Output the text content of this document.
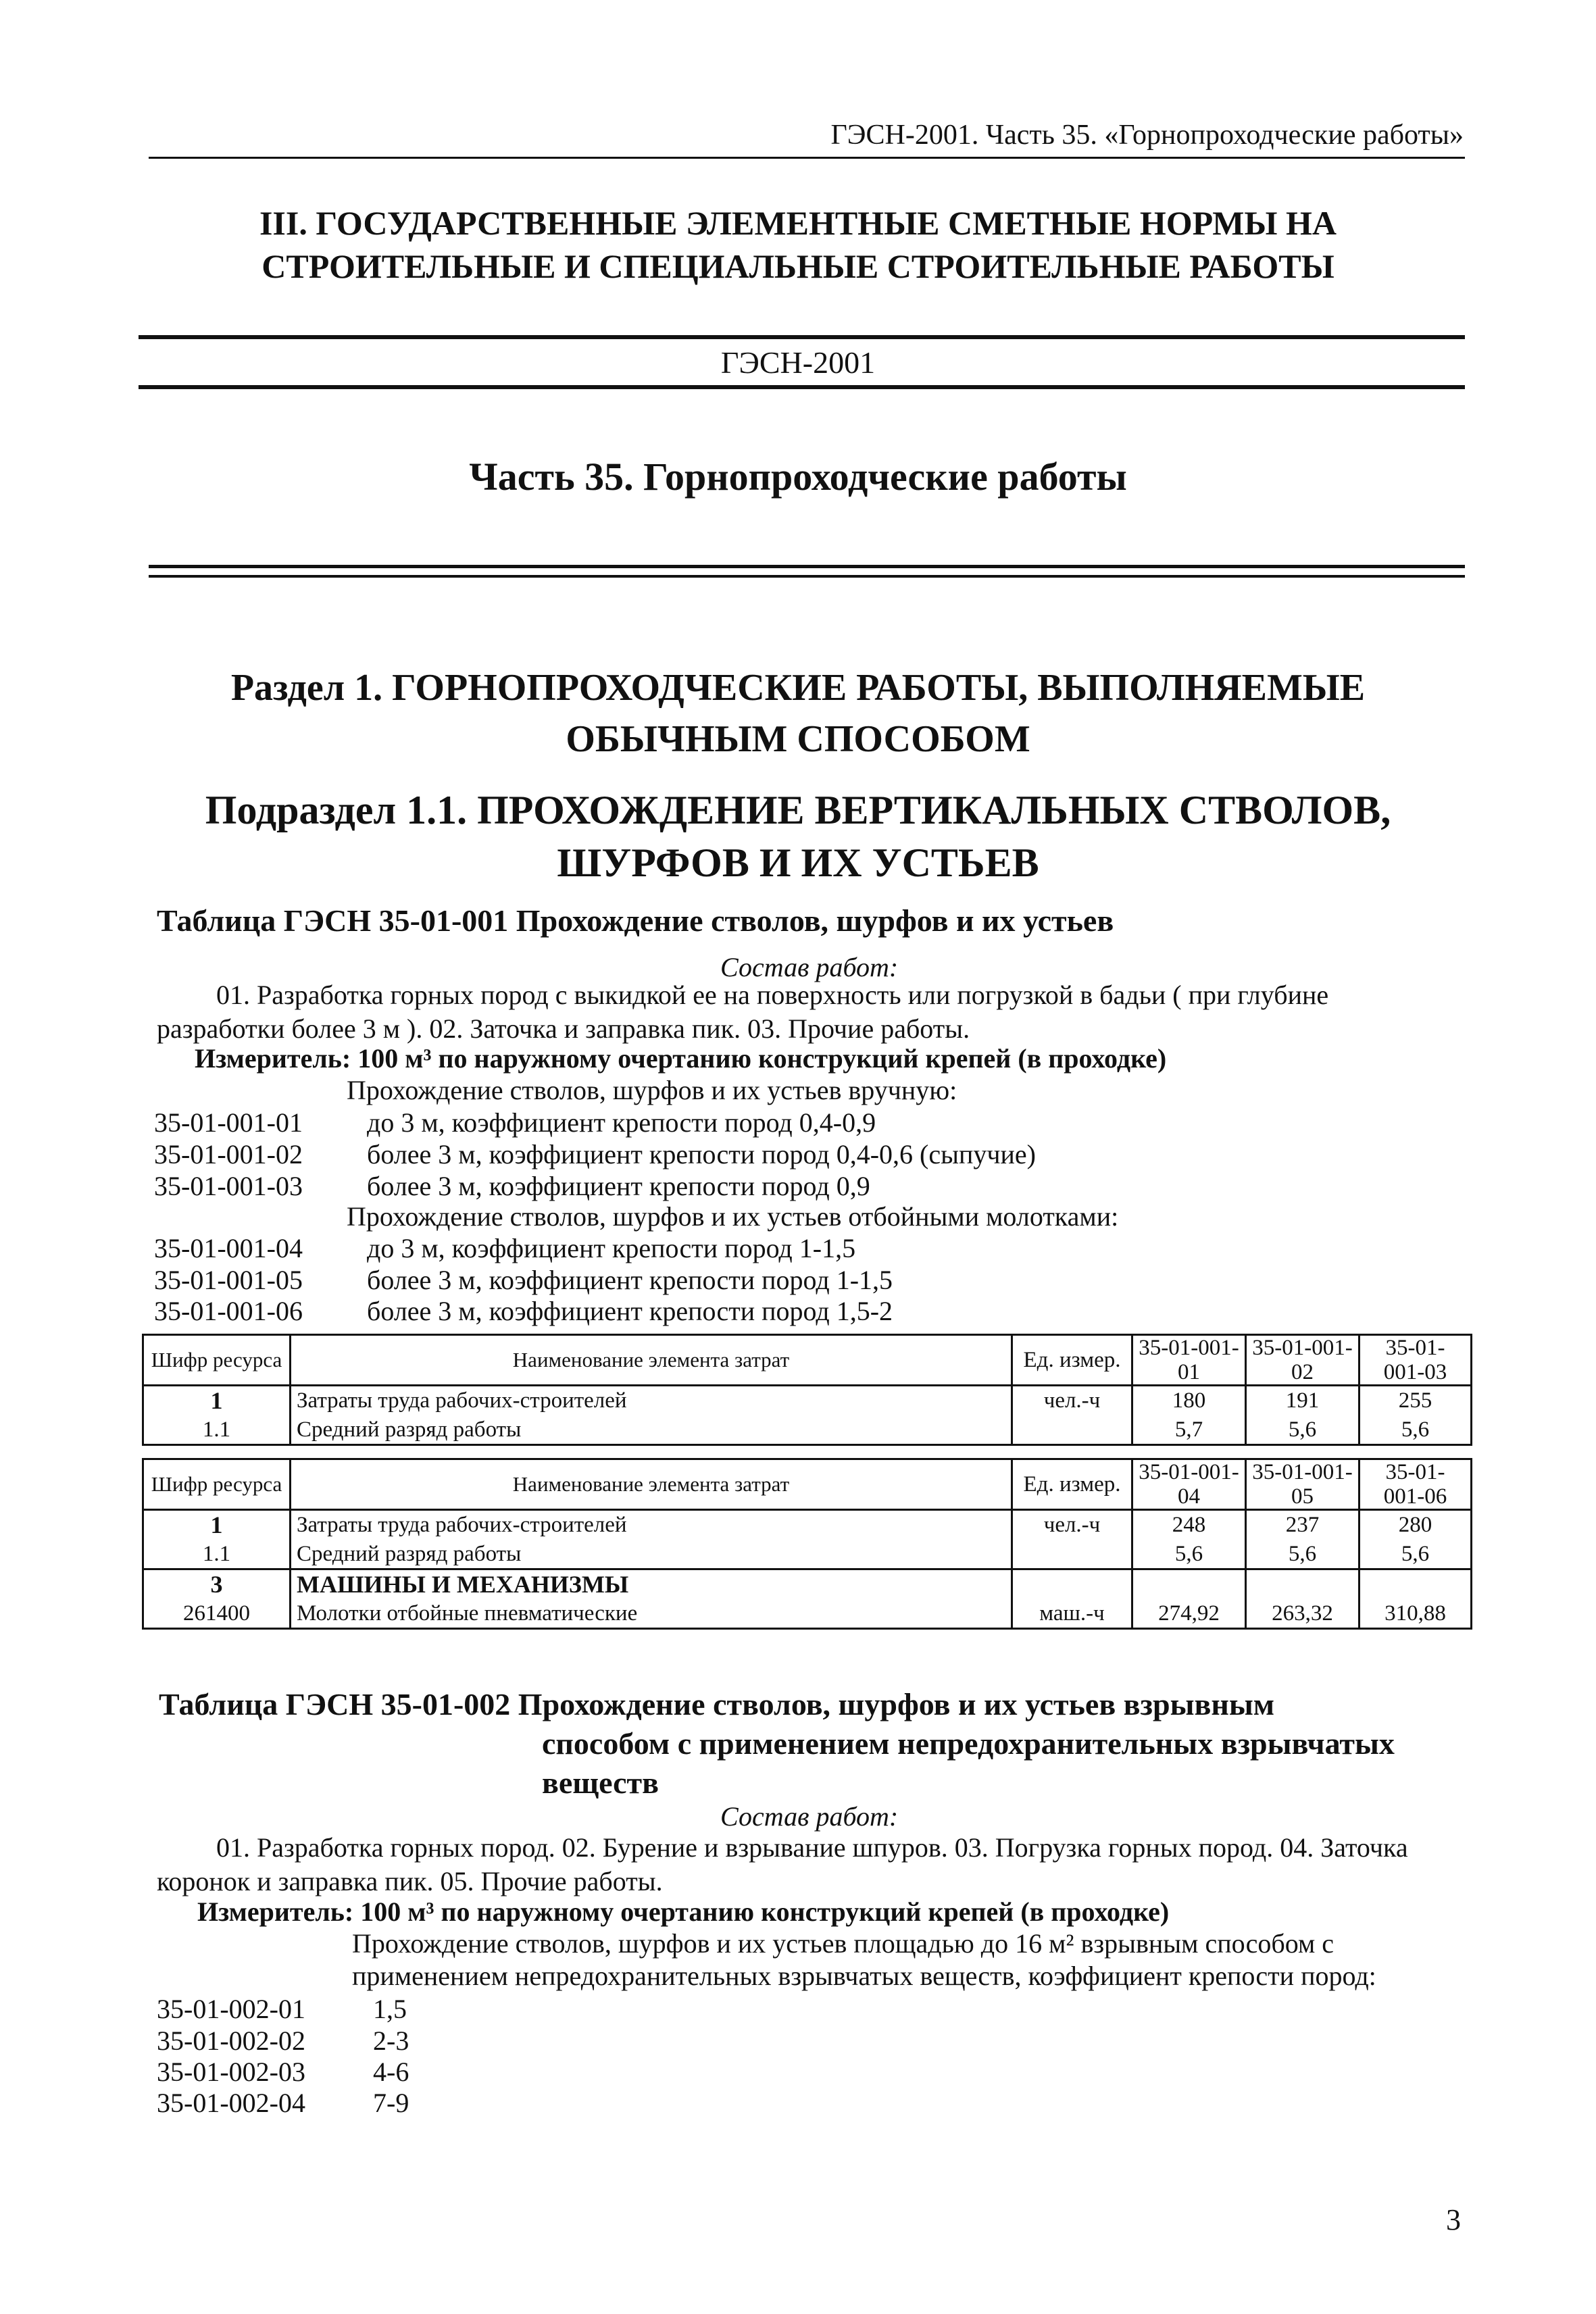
ГЭСН-2001. Часть 35. «Горнопроходческие работы»
III. ГОСУДАРСТВЕННЫЕ ЭЛЕМЕНТНЫЕ СМЕТНЫЕ НОРМЫ НА
СТРОИТЕЛЬНЫЕ И СПЕЦИАЛЬНЫЕ СТРОИТЕЛЬНЫЕ РАБОТЫ
ГЭСН-2001
Часть 35. Горнопроходческие работы
Раздел 1. ГОРНОПРОХОДЧЕСКИЕ РАБОТЫ, ВЫПОЛНЯЕМЫЕ
ОБЫЧНЫМ СПОСОБОМ
Подраздел 1.1. ПРОХОЖДЕНИЕ ВЕРТИКАЛЬНЫХ СТВОЛОВ,
ШУРФОВ И ИХ УСТЬЕВ
Таблица ГЭСН 35-01-001 Прохождение стволов, шурфов и их устьев
Состав работ:
01. Разработка горных пород с выкидкой ее на поверхность или погрузкой в бадьи ( при глубине
разработки более 3 м ). 02. Заточка и заправка пик. 03. Прочие работы.
Измеритель: 100 м³ по наружному очертанию конструкций крепей (в проходке)
Прохождение стволов, шурфов и их устьев вручную:
35-01-001-01 до 3 м, коэффициент крепости пород 0,4-0,9
35-01-001-02 более 3 м, коэффициент крепости пород 0,4-0,6 (сыпучие)
35-01-001-03 более 3 м, коэффициент крепости пород 0,9
Прохождение стволов, шурфов и их устьев отбойными молотками:
35-01-001-04 до 3 м, коэффициент крепости пород 1-1,5
35-01-001-05 более 3 м, коэффициент крепости пород 1-1,5
35-01-001-06 более 3 м, коэффициент крепости пород 1,5-2
Шифр ресурса	Наименование элемента затрат	Ед. измер.	35-01-001-01	35-01-001-02	35-01-001-03
1	Затраты труда рабочих-строителей	чел.-ч	180	191	255
1.1	Средний разряд работы		5,7	5,6	5,6
Шифр ресурса	Наименование элемента затрат	Ед. измер.	35-01-001-04	35-01-001-05	35-01-001-06
1	Затраты труда рабочих-строителей	чел.-ч	248	237	280
1.1	Средний разряд работы		5,6	5,6	5,6
3	МАШИНЫ И МЕХАНИЗМЫ				
261400	Молотки отбойные пневматические	маш.-ч	274,92	263,32	310,88
Таблица ГЭСН 35-01-002 Прохождение стволов, шурфов и их устьев взрывным
способом с применением непредохранительных взрывчатых
веществ
Состав работ:
01. Разработка горных пород. 02. Бурение и взрывание шпуров. 03. Погрузка горных пород. 04. Заточка
коронок и заправка пик. 05. Прочие работы.
Измеритель: 100 м³ по наружному очертанию конструкций крепей (в проходке)
Прохождение стволов, шурфов и их устьев площадью до 16 м² взрывным способом с
применением непредохранительных взрывчатых веществ, коэффициент крепости пород:
35-01-002-01	1,5
35-01-002-02	2-3
35-01-002-03	4-6
35-01-002-04	7-9
3
